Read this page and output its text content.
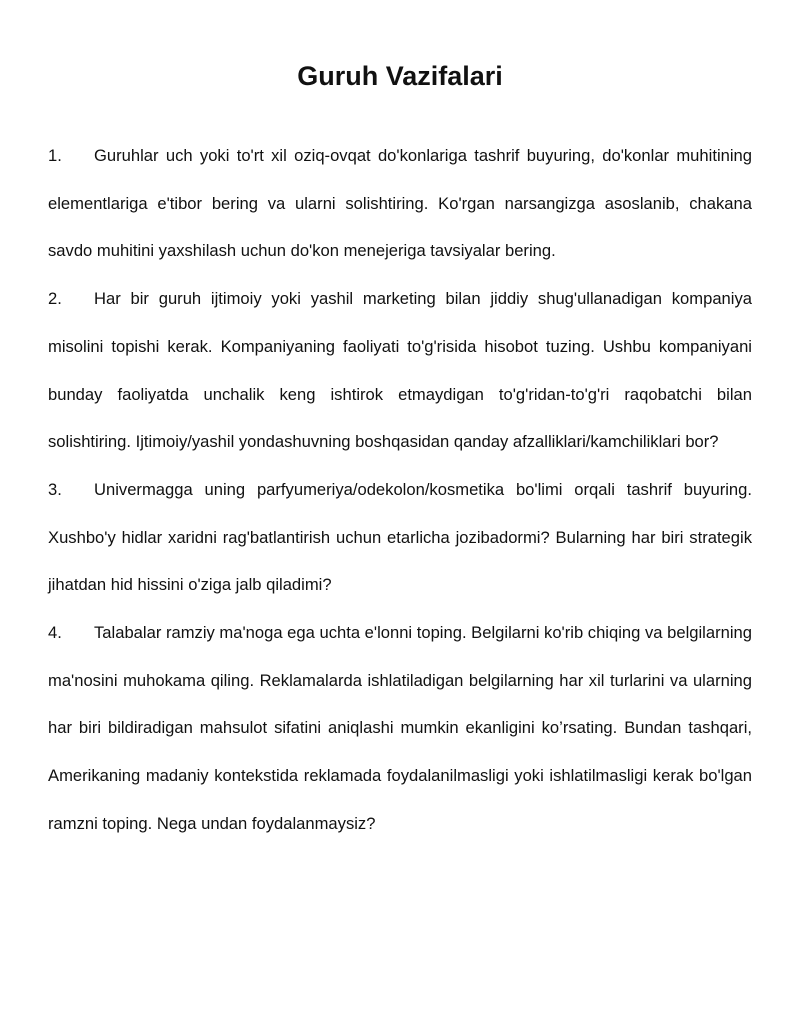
Guruh Vazifalari
1. Guruhlar uch yoki to'rt xil oziq-ovqat do'konlariga tashrif buyuring, do'konlar muhitining elementlariga e'tibor bering va ularni solishtiring. Ko'rgan narsangizga asoslanib, chakana savdo muhitini yaxshilash uchun do'kon menejeriga tavsiyalar bering.
2. Har bir guruh ijtimoiy yoki yashil marketing bilan jiddiy shug'ullanadigan kompaniya misolini topishi kerak. Kompaniyaning faoliyati to'g'risida hisobot tuzing. Ushbu kompaniyani bunday faoliyatda unchalik keng ishtirok etmaydigan to'g'ridan-to'g'ri raqobatchi bilan solishtiring. Ijtimoiy/yashil yondashuvning boshqasidan qanday afzalliklari/kamchiliklari bor?
3. Univermagga uning parfyumeriya/odekolon/kosmetika bo'limi orqali tashrif buyuring. Xushbo'y hidlar xaridni rag'batlantirish uchun etarlicha jozibadormi? Bularning har biri strategik jihatdan hid hissini o'ziga jalb qiladimi?
4. Talabalar ramziy ma'noga ega uchta e'lonni toping. Belgilarni ko'rib chiqing va belgilarning ma'nosini muhokama qiling. Reklamalarda ishlatiladigan belgilarning har xil turlarini va ularning har biri bildiradigan mahsulot sifatini aniqlashi mumkin ekanligini ko’rsating. Bundan tashqari, Amerikaning madaniy kontekstida reklamada foydalanilmasligi yoki ishlatilmasligi kerak bo'lgan ramzni toping. Nega undan foydalanmaysiz?
